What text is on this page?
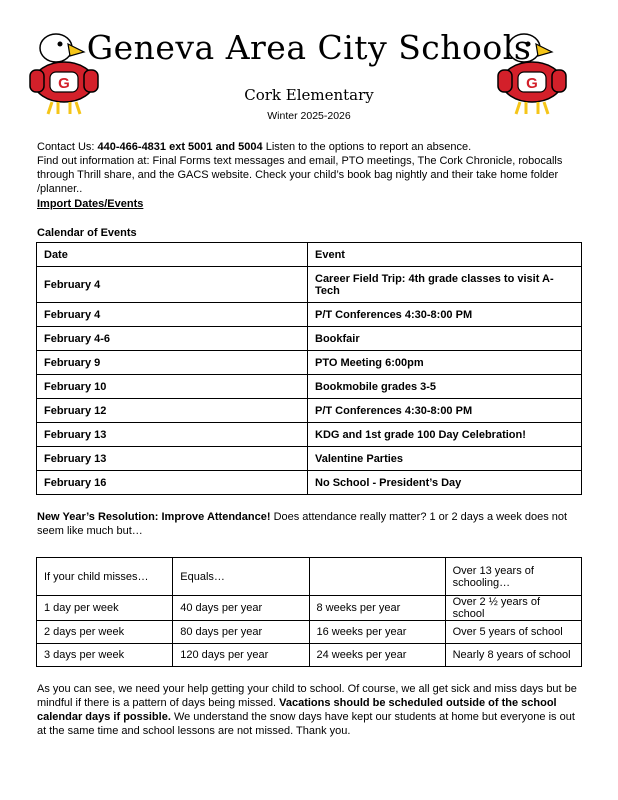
G	G
Geneva Area City Schools
Cork Elementary
Winter 2025-2026
Contact Us: 440-466-4831 ext 5001 and 5004 Listen to the options to report an absence.
Find out information at: Final Forms text messages and email, PTO meetings, The Cork Chronicle, robocalls through Thrill share, and the GACS website. Check your child’s book bag nightly and their take home folder /planner..
Import Dates/Events
Calendar of Events
Date	Event
February 4	Career Field Trip: 4th grade classes to visit A-Tech
February 4	P/T Conferences 4:30-8:00 PM
February 4-6	Bookfair
February 9	PTO Meeting 6:00pm
February 10	Bookmobile grades 3-5
February 12	P/T Conferences 4:30-8:00 PM
February 13	KDG and 1st grade 100 Day Celebration!
February 13	Valentine Parties
February 16	No School - President’s Day
New Year’s Resolution: Improve Attendance! Does attendance really matter? 1 or 2 days a week does not seem like much but…
If your child misses…	Equals…		Over 13 years of schooling…
1 day per week	40 days per year	8 weeks per year	Over 2 ½ years of school
2 days per week	80 days per year	16 weeks per year	Over 5 years of school
3 days per week	120 days per year	24 weeks per year	Nearly 8 years of school
As you can see, we need your help getting your child to school. Of course, we all get sick and miss days but be mindful if there is a pattern of days being missed. Vacations should be scheduled outside of the school calendar days if possible. We understand the snow days have kept our students at home but everyone is out at the same time and school lessons are not missed. Thank you.
